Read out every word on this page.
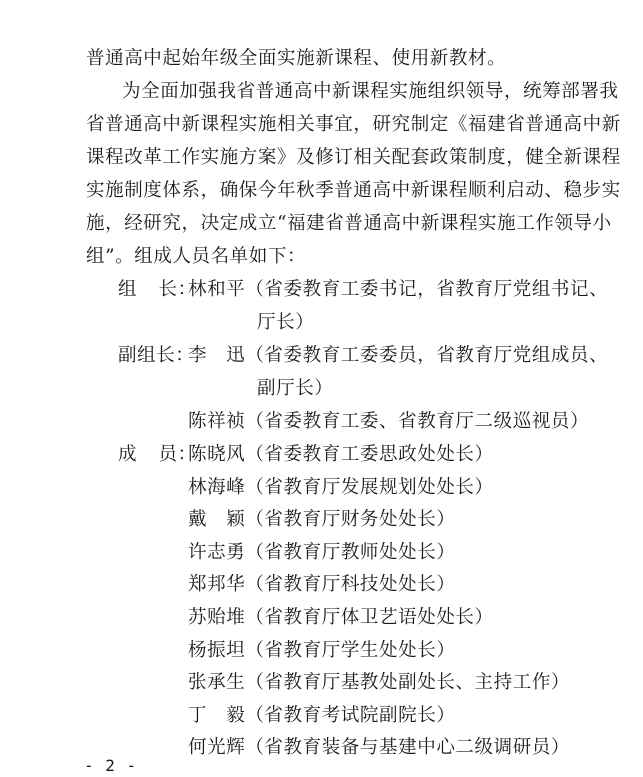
普通高中起始年级全面实施新课程、使用新教材。
为全面加强我省普通高中新课程实施组织领导，统筹部署我
省普通高中新课程实施相关事宜，研究制定《福建省普通高中新
课程改革工作实施方案》及修订相关配套政策制度，健全新课程
实施制度体系，确保今年秋季普通高中新课程顺利启动、稳步实
施，经研究，决定成立“福建省普通高中新课程实施工作领导小
组”。组成人员名单如下：
组长：
林和平（省委教育工委书记，省教育厅党组书记、
厅长）
副组长：
李　迅（省委教育工委委员，省教育厅党组成员、
副厅长）
陈祥祯（省委教育工委、省教育厅二级巡视员）
成员：
陈晓风（省委教育工委思政处处长）
林海峰（省教育厅发展规划处处长）
戴　颖（省教育厅财务处处长）
许志勇（省教育厅教师处处长）
郑邦华（省教育厅科技处处长）
苏贻堆（省教育厅体卫艺语处处长）
杨振坦（省教育厅学生处处长）
张承生（省教育厅基教处副处长、主持工作）
丁　毅（省教育考试院副院长）
何光辉（省教育装备与基建中心二级调研员）
- 2 -
